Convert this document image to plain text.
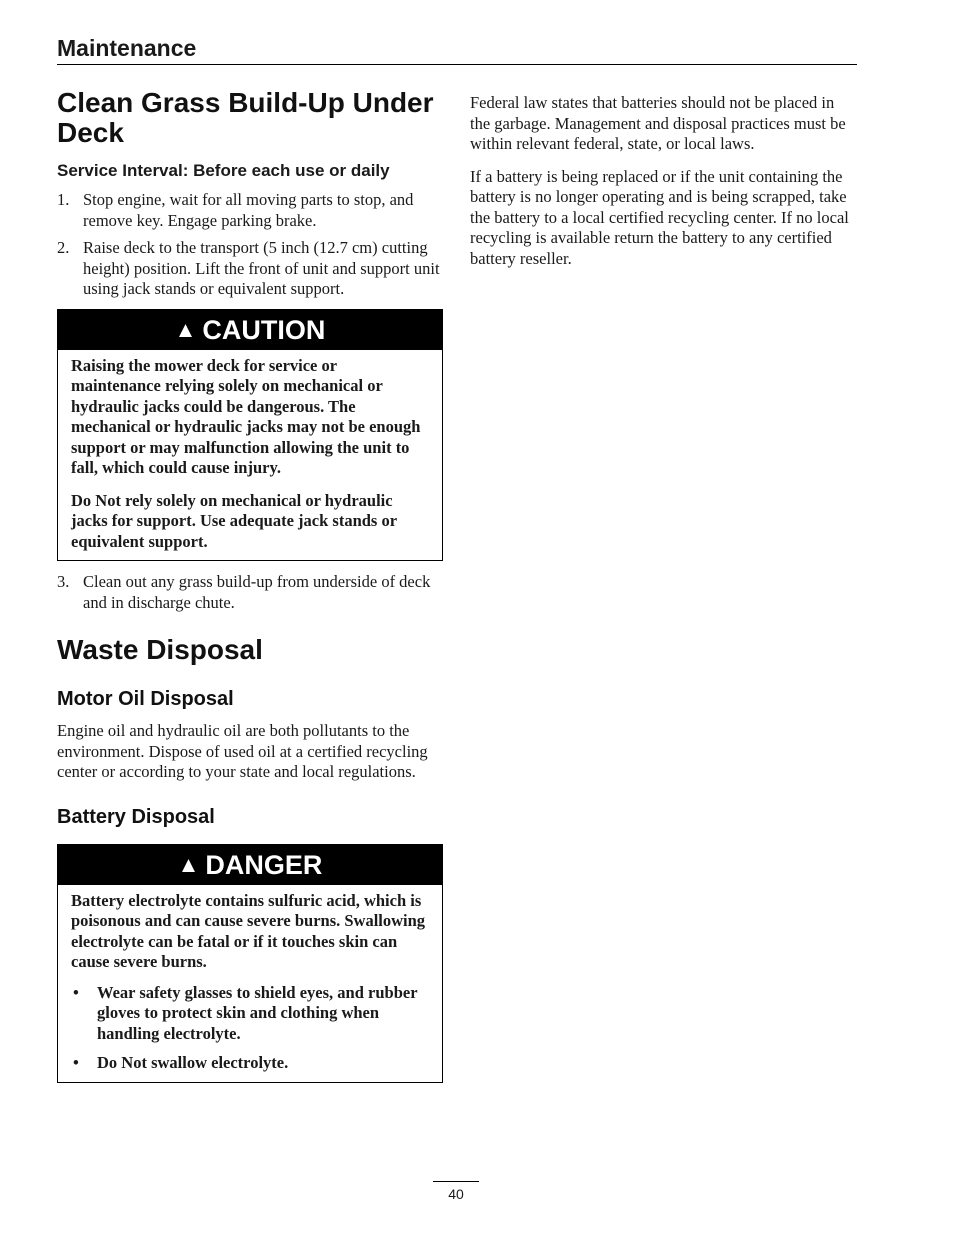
Maintenance
Clean Grass Build-Up Under
Deck
Service Interval: Before each use or daily
1. Stop engine, wait for all moving parts to stop, and remove key. Engage parking brake.
2. Raise deck to the transport (5 inch (12.7 cm) cutting height) position. Lift the front of unit and support unit using jack stands or equivalent support.
▲ CAUTION

Raising the mower deck for service or maintenance relying solely on mechanical or hydraulic jacks could be dangerous. The mechanical or hydraulic jacks may not be enough support or may malfunction allowing the unit to fall, which could cause injury.

Do Not rely solely on mechanical or hydraulic jacks for support. Use adequate jack stands or equivalent support.

3. Clean out any grass build-up from underside of deck and in discharge chute.
Waste Disposal
Motor Oil Disposal

Engine oil and hydraulic oil are both pollutants to the environment. Dispose of used oil at a certified recycling center or according to your state and local regulations.

Battery Disposal
▲ DANGER

Battery electrolyte contains sulfuric acid, which is poisonous and can cause severe burns. Swallowing electrolyte can be fatal or if it touches skin can cause severe burns.

• Wear safety glasses to shield eyes, and rubber gloves to protect skin and clothing when handling electrolyte.
• Do Not swallow electrolyte.

Federal law states that batteries should not be placed in the garbage. Management and disposal practices must be within relevant federal, state, or local laws.

If a battery is being replaced or if the unit containing the battery is no longer operating and is being scrapped, take the battery to a local certified recycling center. If no local recycling is available return the battery to any certified battery reseller.

40
